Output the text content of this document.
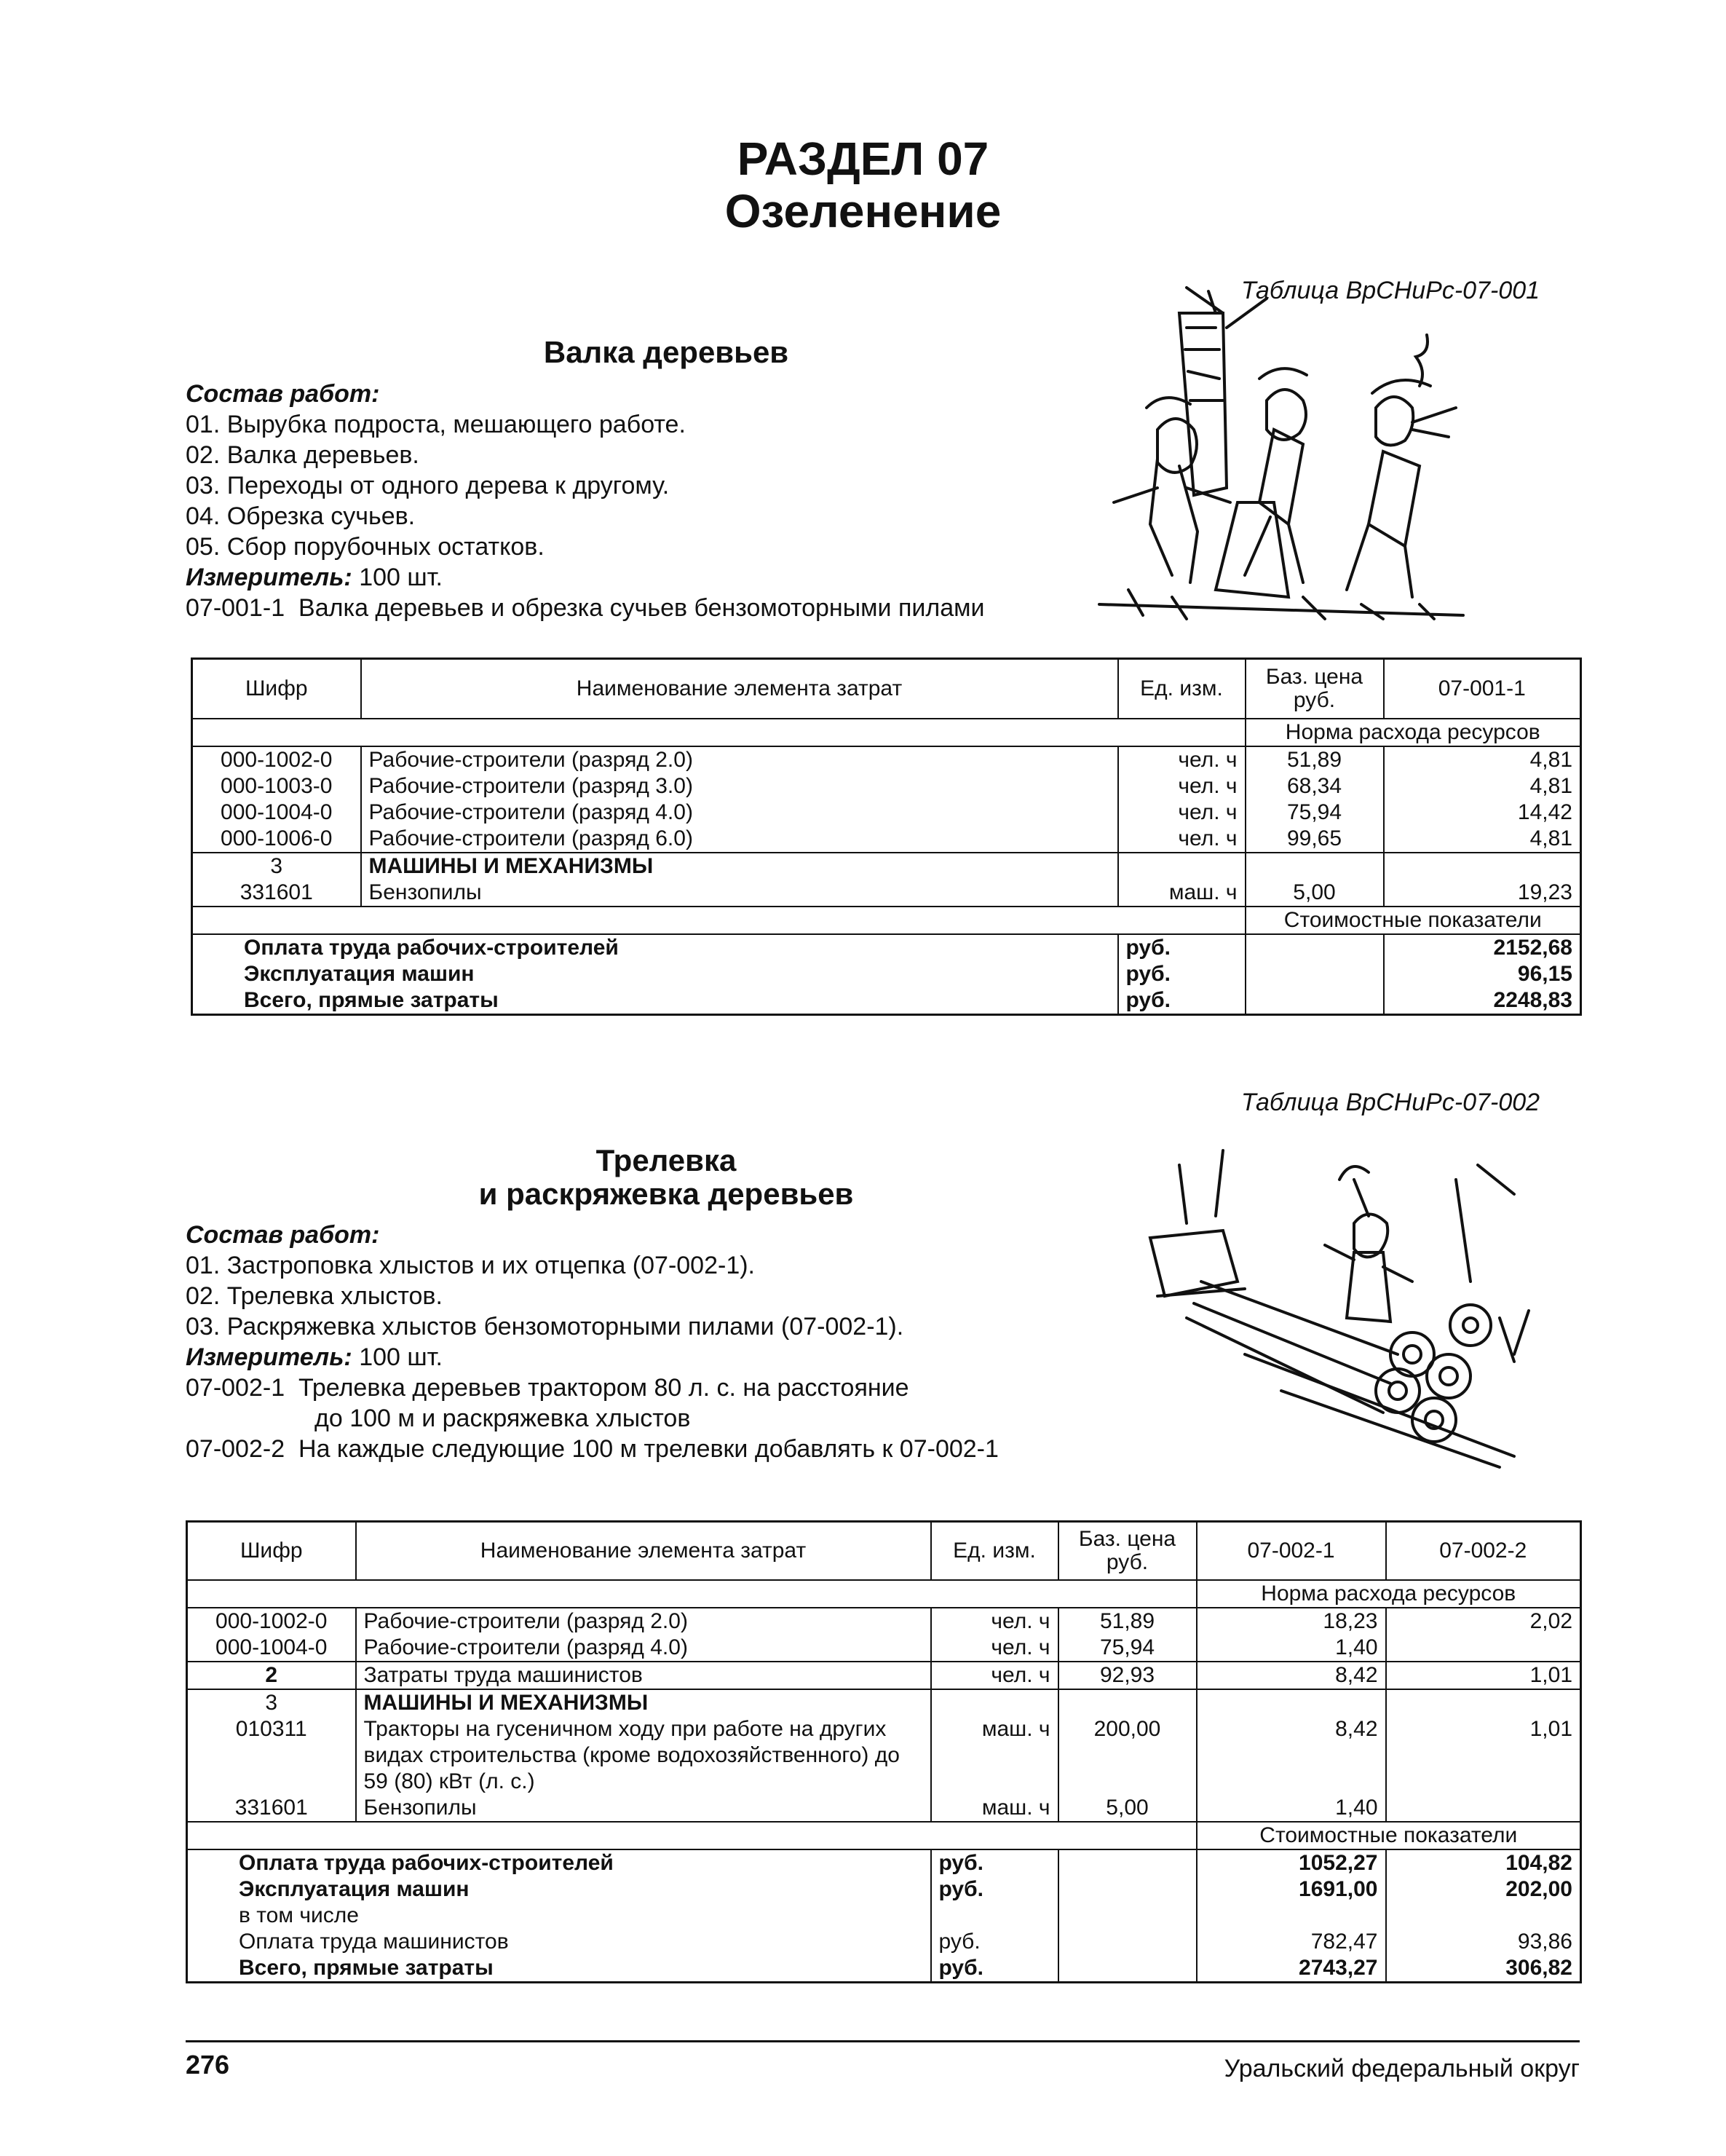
РАЗДЕЛ 07
Озеленение
Таблица ВрСНиРс-07-001
Валка деревьев
Состав работ:
01. Вырубка подроста, мешающего работе.
02. Валка деревьев.
03. Переходы от одного дерева к другому.
04. Обрезка сучьев.
05. Сбор порубочных остатков.
Измеритель: 100 шт.
07-001-1 Валка деревьев и обрезка сучьев бензомоторными пилами
Шифр	Наименование элемента затрат	Ед. изм.	Баз. цена руб.	07-001-1
			Норма расхода ресурсов	
000-1002-0	Рабочие-строители (разряд 2.0)	чел. ч	51,89	4,81
000-1003-0	Рабочие-строители (разряд 3.0)	чел. ч	68,34	4,81
000-1004-0	Рабочие-строители (разряд 4.0)	чел. ч	75,94	14,42
000-1006-0	Рабочие-строители (разряд 6.0)	чел. ч	99,65	4,81
3	МАШИНЫ И МЕХАНИЗМЫ			
331601	Бензопилы	маш. ч	5,00	19,23
			Стоимостные показатели	
Оплата труда рабочих-строителей		руб.		2152,68
Эксплуатация машин		руб.		96,15
Всего, прямые затраты		руб.		2248,83
Таблица ВрСНиРс-07-002
Трелевка
и раскряжевка деревьев
Состав работ:
01. Застроповка хлыстов и их отцепка (07-002-1).
02. Трелевка хлыстов.
03. Раскряжевка хлыстов бензомоторными пилами (07-002-1).
Измеритель: 100 шт.
07-002-1 Трелевка деревьев трактором 80 л. с. на расстояние
до 100 м и раскряжевка хлыстов
07-002-2 На каждые следующие 100 м трелевки добавлять к 07-002-1
Шифр	Наименование элемента затрат	Ед. изм.	Баз. цена руб.	07-002-1	07-002-2
				Норма расхода ресурсов	
000-1002-0	Рабочие-строители (разряд 2.0)	чел. ч	51,89	18,23	2,02
000-1004-0	Рабочие-строители (разряд 4.0)	чел. ч	75,94	1,40	
2	Затраты труда машинистов	чел. ч	92,93	8,42	1,01
3	МАШИНЫ И МЕХАНИЗМЫ				
010311	Тракторы на гусеничном ходу при работе на других видах строительства (кроме водохозяйственного) до 59 (80) кВт (л. с.)	маш. ч	200,00	8,42	1,01
331601	Бензопилы	маш. ч	5,00	1,40	
				Стоимостные показатели	
Оплата труда рабочих-строителей		руб.		1052,27	104,82
Эксплуатация машин		руб.		1691,00	202,00
в том числе					
Оплата труда машинистов		руб.		782,47	93,86
Всего, прямые затраты		руб.		2743,27	306,82
276	Уральский федеральный округ
